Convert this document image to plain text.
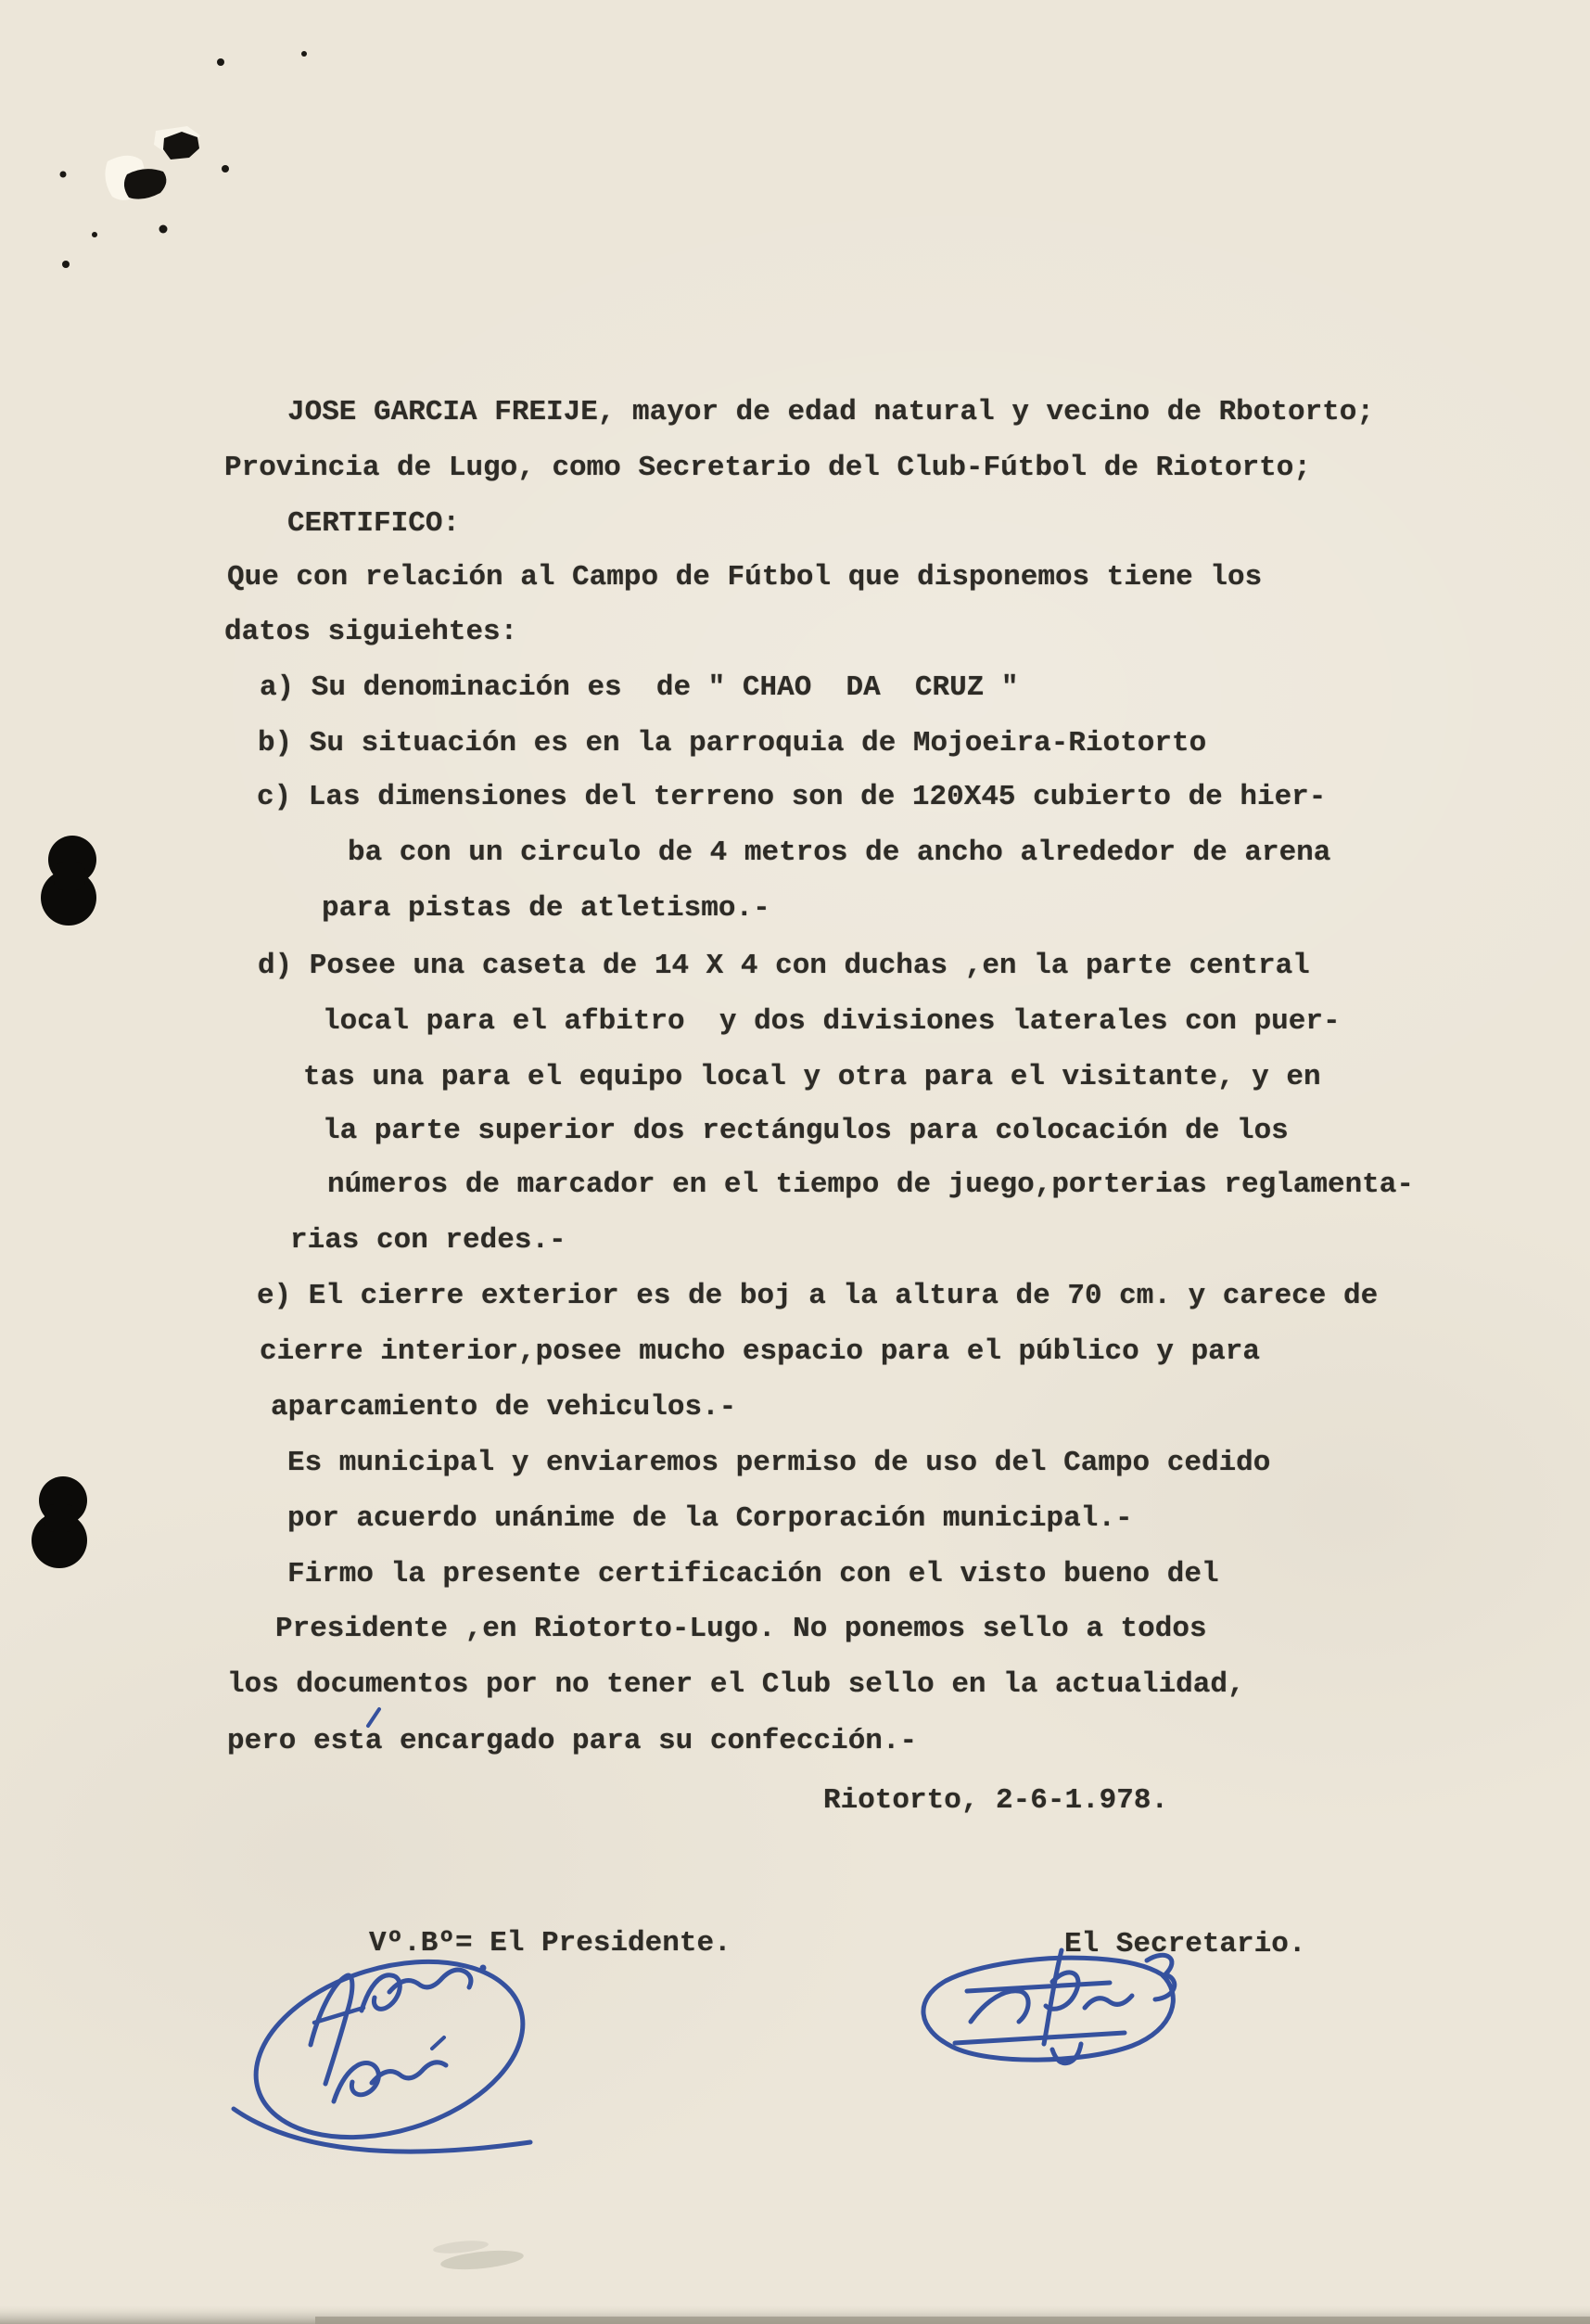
JOSE GARCIA FREIJE, mayor de edad natural y vecino de Rbotorto;
Provincia de Lugo, como Secretario del Club-Fútbol de Riotorto;
CERTIFICO:
Que con relación al Campo de Fútbol que disponemos tiene los
datos siguiehtes:
a) Su denominación es  de " CHAO  DA  CRUZ "
b) Su situación es en la parroquia de Mojoeira-Riotorto
c) Las dimensiones del terreno son de 120X45 cubierto de hier-
ba con un circulo de 4 metros de ancho alrededor de arena
para pistas de atletismo.-
d) Posee una caseta de 14 X 4 con duchas ,en la parte central
local para el afbitro  y dos divisiones laterales con puer-
tas una para el equipo local y otra para el visitante, y en
la parte superior dos rectángulos para colocación de los
números de marcador en el tiempo de juego,porterias reglamenta-
rias con redes.-
e) El cierre exterior es de boj a la altura de 70 cm. y carece de
cierre interior,posee mucho espacio para el público y para
aparcamiento de vehiculos.-
Es municipal y enviaremos permiso de uso del Campo cedido
por acuerdo unánime de la Corporación municipal.-
Firmo la presente certificación con el visto bueno del
Presidente ,en Riotorto-Lugo. No ponemos sello a todos
los documentos por no tener el Club sello en la actualidad,
pero esta encargado para su confección.-
Riotorto, 2-6-1.978.
Vº.Bº= El Presidente.	El Secretario.
